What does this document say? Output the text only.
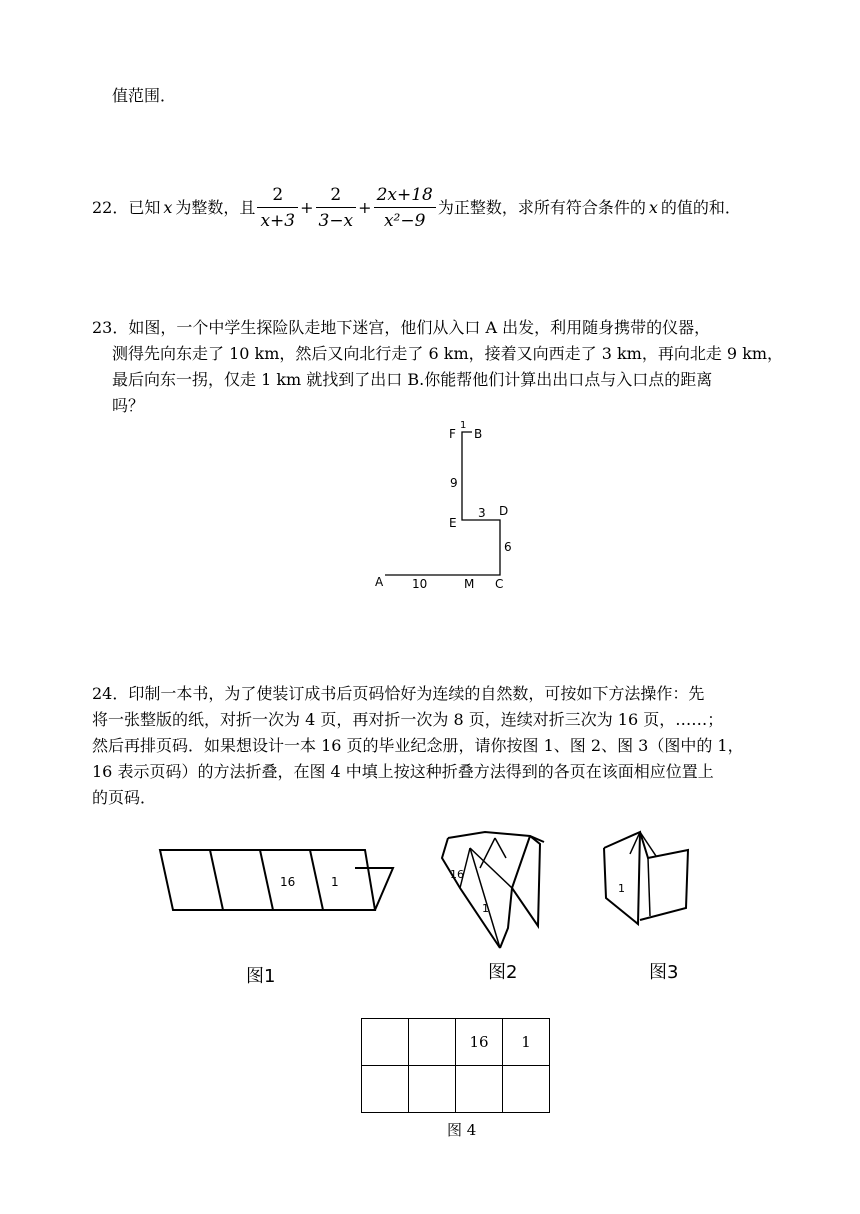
值范围．
22． 已知 x 为整数，且 $\frac{2}{x+3} + \frac{2}{3-x} + \frac{2x+18}{\text{x²−9}}$ 为正整数，求所有符合条件的 x 的值的和．
23．如图，一个中学生探险队走地下迷宫，他们从入口 A 出发，利用随身携带的仪器，
测得先向东走了 10 km，然后又向北行走了 6 km，接着又向西走了 3 km，再向北走 9 km，
最后向东一拐，仅走 1 km 就找到了出口 B.你能帮他们计算出出口点与入口点的距离
吗？
F
1
B
9
E
3 D
6
A 10	M C
24．印制一本书，为了使装订成书后页码恰好为连续的自然数，可按如下方法操作：先
将一张整版的纸，对折一次为 4 页，再对折一次为 8 页，连续对折三次为 16 页，……；
然后再排页码．如果想设计一本 16 页的毕业纪念册，请你按图 1、图 2、图 3（图中的 1，
16 表示页码）的方法折叠，在图 4 中填上按这种折叠方法得到的各页在该面相应位置上
的页码．
16	1
16
1
1
图1	图2	图3
		16	1

图 4
